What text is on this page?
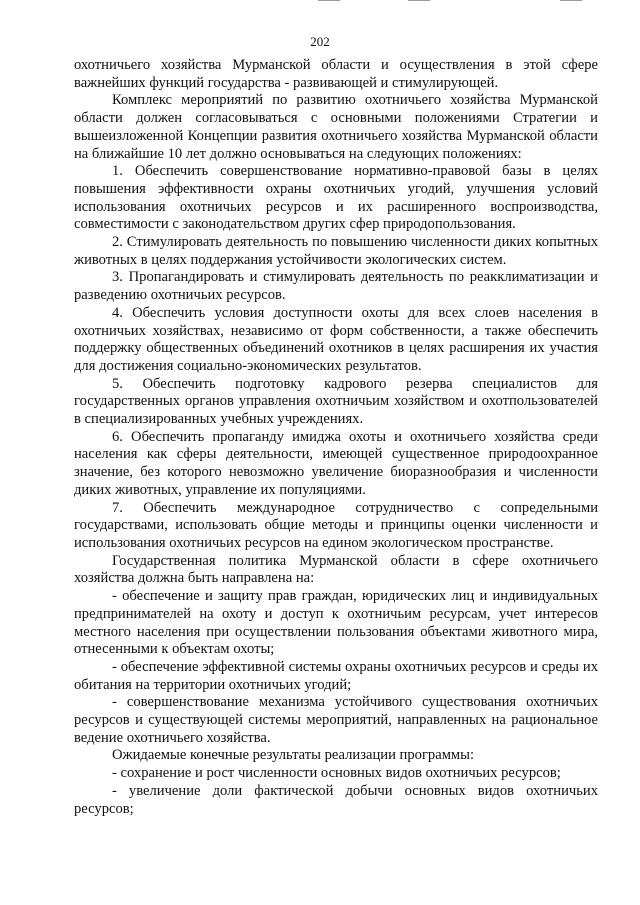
202

охотничьего хозяйства Мурманской области и осуществления в этой сфере важнейших функций государства - развивающей и стимулирующей.

Комплекс мероприятий по развитию охотничьего хозяйства Мурманской области должен согласовываться с основными положениями Стратегии и вышеизложенной Концепции развития охотничьего хозяйства Мурманской области на ближайшие 10 лет должно основываться на следующих положениях:

1. Обеспечить совершенствование нормативно-правовой базы в целях повышения эффективности охраны охотничьих угодий, улучшения условий использования охотничьих ресурсов и их расширенного воспроизводства, совместимости с законодательством других сфер природопользования.

2. Стимулировать деятельность по повышению численности диких копытных животных в целях поддержания устойчивости экологических систем.

3. Пропагандировать и стимулировать деятельность по реакклиматизации и разведению охотничьих ресурсов.

4. Обеспечить условия доступности охоты для всех слоев населения в охотничьих хозяйствах, независимо от форм собственности, а также обеспечить поддержку общественных объединений охотников в целях расширения их участия для достижения социально-экономических результатов.

5. Обеспечить подготовку кадрового резерва специалистов для государственных органов управления охотничьим хозяйством и охотпользователей в специализированных учебных учреждениях.

6. Обеспечить пропаганду имиджа охоты и охотничьего хозяйства среди населения как сферы деятельности, имеющей существенное природоохранное значение, без которого невозможно увеличение биоразнообразия и численности диких животных, управление их популяциями.

7. Обеспечить международное сотрудничество с сопредельными государствами, использовать общие методы и принципы оценки численности и использования охотничьих ресурсов на едином экологическом пространстве.

Государственная политика Мурманской области в сфере охотничьего хозяйства должна быть направлена на:

- обеспечение и защиту прав граждан, юридических лиц и индивидуальных предпринимателей на охоту и доступ к охотничьим ресурсам, учет интересов местного населения при осуществлении пользования объектами животного мира, отнесенными к объектам охоты;

- обеспечение эффективной системы охраны охотничьих ресурсов и среды их обитания на территории охотничьих угодий;

- совершенствование механизма устойчивого существования охотничьих ресурсов и существующей системы мероприятий, направленных на рациональное ведение охотничьего хозяйства.

Ожидаемые конечные результаты реализации программы:

- сохранение и рост численности основных видов охотничьих ресурсов;

- увеличение доли фактической добычи основных видов охотничьих ресурсов;
